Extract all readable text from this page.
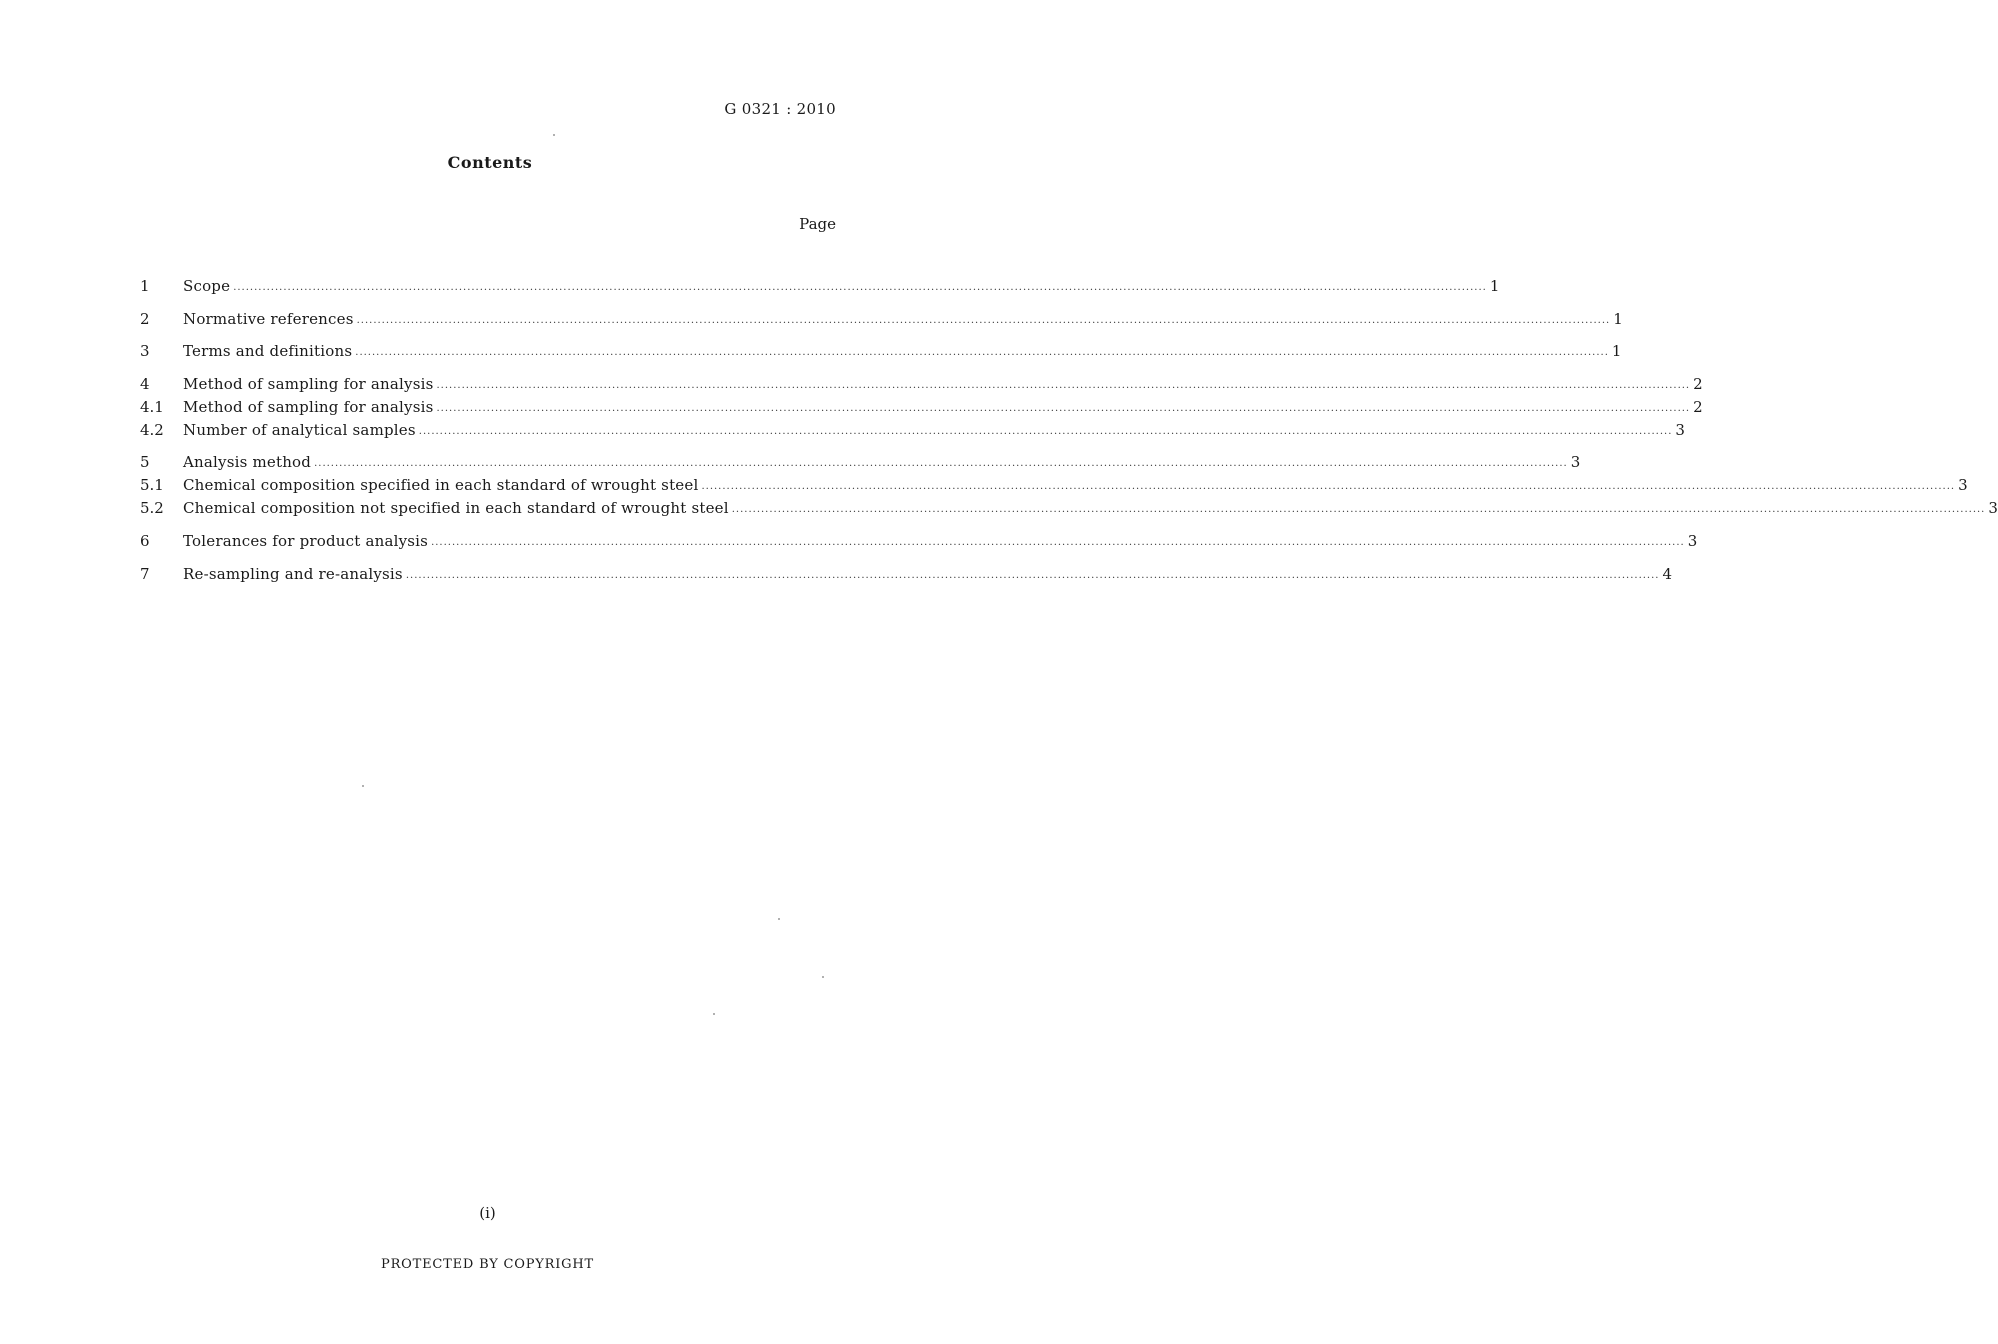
G 0321 : 2010
Contents
Page
1	Scope ............................................................................................................................................................................................................................................................................................................ 1
2	Normative references ............................................................................................................................................................................................................................................................................................................ 1
3	Terms and definitions ............................................................................................................................................................................................................................................................................................................ 1
4	Method of sampling for analysis ............................................................................................................................................................................................................................................................................................................ 2
4.1	Method of sampling for analysis ............................................................................................................................................................................................................................................................................................................ 2
4.2	Number of analytical samples ............................................................................................................................................................................................................................................................................................................ 3
5	Analysis method ............................................................................................................................................................................................................................................................................................................ 3
5.1	Chemical composition specified in each standard of wrought steel ............................................................................................................................................................................................................................................................................................................ 3
5.2	Chemical composition not specified in each standard of wrought steel ............................................................................................................................................................................................................................................................................................................ 3
6	Tolerances for product analysis ............................................................................................................................................................................................................................................................................................................ 3
7	Re-sampling and re-analysis ............................................................................................................................................................................................................................................................................................................ 4
(i)
PROTECTED BY COPYRIGHT
